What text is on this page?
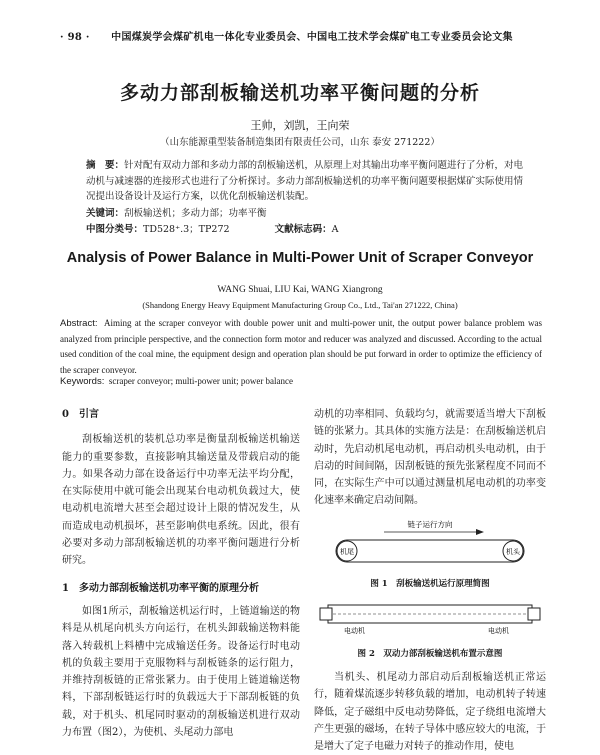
· 98 · 中国煤炭学会煤矿机电一体化专业委员会、中国电工技术学会煤矿电工专业委员会论文集
多动力部刮板输送机功率平衡问题的分析
王帅，刘凯，王向荣
（山东能源重型装备制造集团有限责任公司，山东 泰安 271222）
摘　要：针对配有双动力部和多动力部的刮板输送机，从原理上对其输出功率平衡问题进行了分析，对电动机与减速器的连接形式也进行了分析探讨。多动力部刮板输送机的功率平衡问题要根据煤矿实际使用情况提出设备设计及运行方案，以优化刮板输送机装配。
关键词：刮板输送机；多动力部；功率平衡
中图分类号：TD528⁺.3；TP272	文献标志码：A
Analysis of Power Balance in Multi-Power Unit of Scraper Conveyor
WANG Shuai, LIU Kai, WANG Xiangrong
(Shandong Energy Heavy Equipment Manufacturing Group Co., Ltd., Tai'an 271222, China)
Abstract: Aiming at the scraper conveyor with double power unit and multi-power unit, the output power balance problem was analyzed from principle perspective, and the connection form motor and reducer was analyzed and discussed. According to the actual used condition of the coal mine, the equipment design and operation plan should be put forward in order to optimize the efficiency of the scraper conveyor.
Keywords: scraper conveyor; multi-power unit; power balance
0　引言
刮板输送机的装机总功率是衡量刮板输送机输送能力的重要参数，直接影响其输送量及带载启动的能力。如果各动力部在设备运行中功率无法平均分配，在实际使用中就可能会出现某台电动机负载过大，使电动机电流增大甚至会超过设计上限的情况发生，从而造成电动机损坏，甚至影响供电系统。因此，很有必要对多动力部刮板输送机的功率平衡问题进行分析研究。
1　多动力部刮板输送机功率平衡的原理分析
如图1所示，刮板输送机运行时，上链道输送的物料是从机尾向机头方向运行，在机头卸载输送物料能落入转载机上料槽中完成输送任务。设备运行时电动机的负载主要用于克服物料与刮板链条的运行阻力，并维持刮板链的正常张紧力。由于使用上链道输送物料，下部刮板链运行时的负载远大于下部刮板链的负载，对于机头、机尾同时驱动的刮板输送机进行双动力布置（图2），为使机、头尾动力部电
动机的功率相同、负载均匀，就需要适当增大下刮板链的张紧力。其具体的实施方法是：在刮板输送机启动时，先启动机尾电动机，再启动机头电动机，由于启动的时间间隔，因刮板链的预先张紧程度不同而不同，在实际生产中可以通过测量机尾电动机的功率变化速率来确定启动间隔。
链子运行方向
机尾	机头
图 1　刮板输送机运行原理简图
电动机	电动机
图 2　双动力部刮板输送机布置示意图
当机头、机尾动力部启动后刮板输送机正常运行，随着煤流逐步转移负载的增加，电动机转子转速降低，定子磁组中反电动势降低，定子绕组电流增大产生更强的磁场，在转子导体中感应较大的电流，于是增大了定子电磁力对转子的推动作用，使电
